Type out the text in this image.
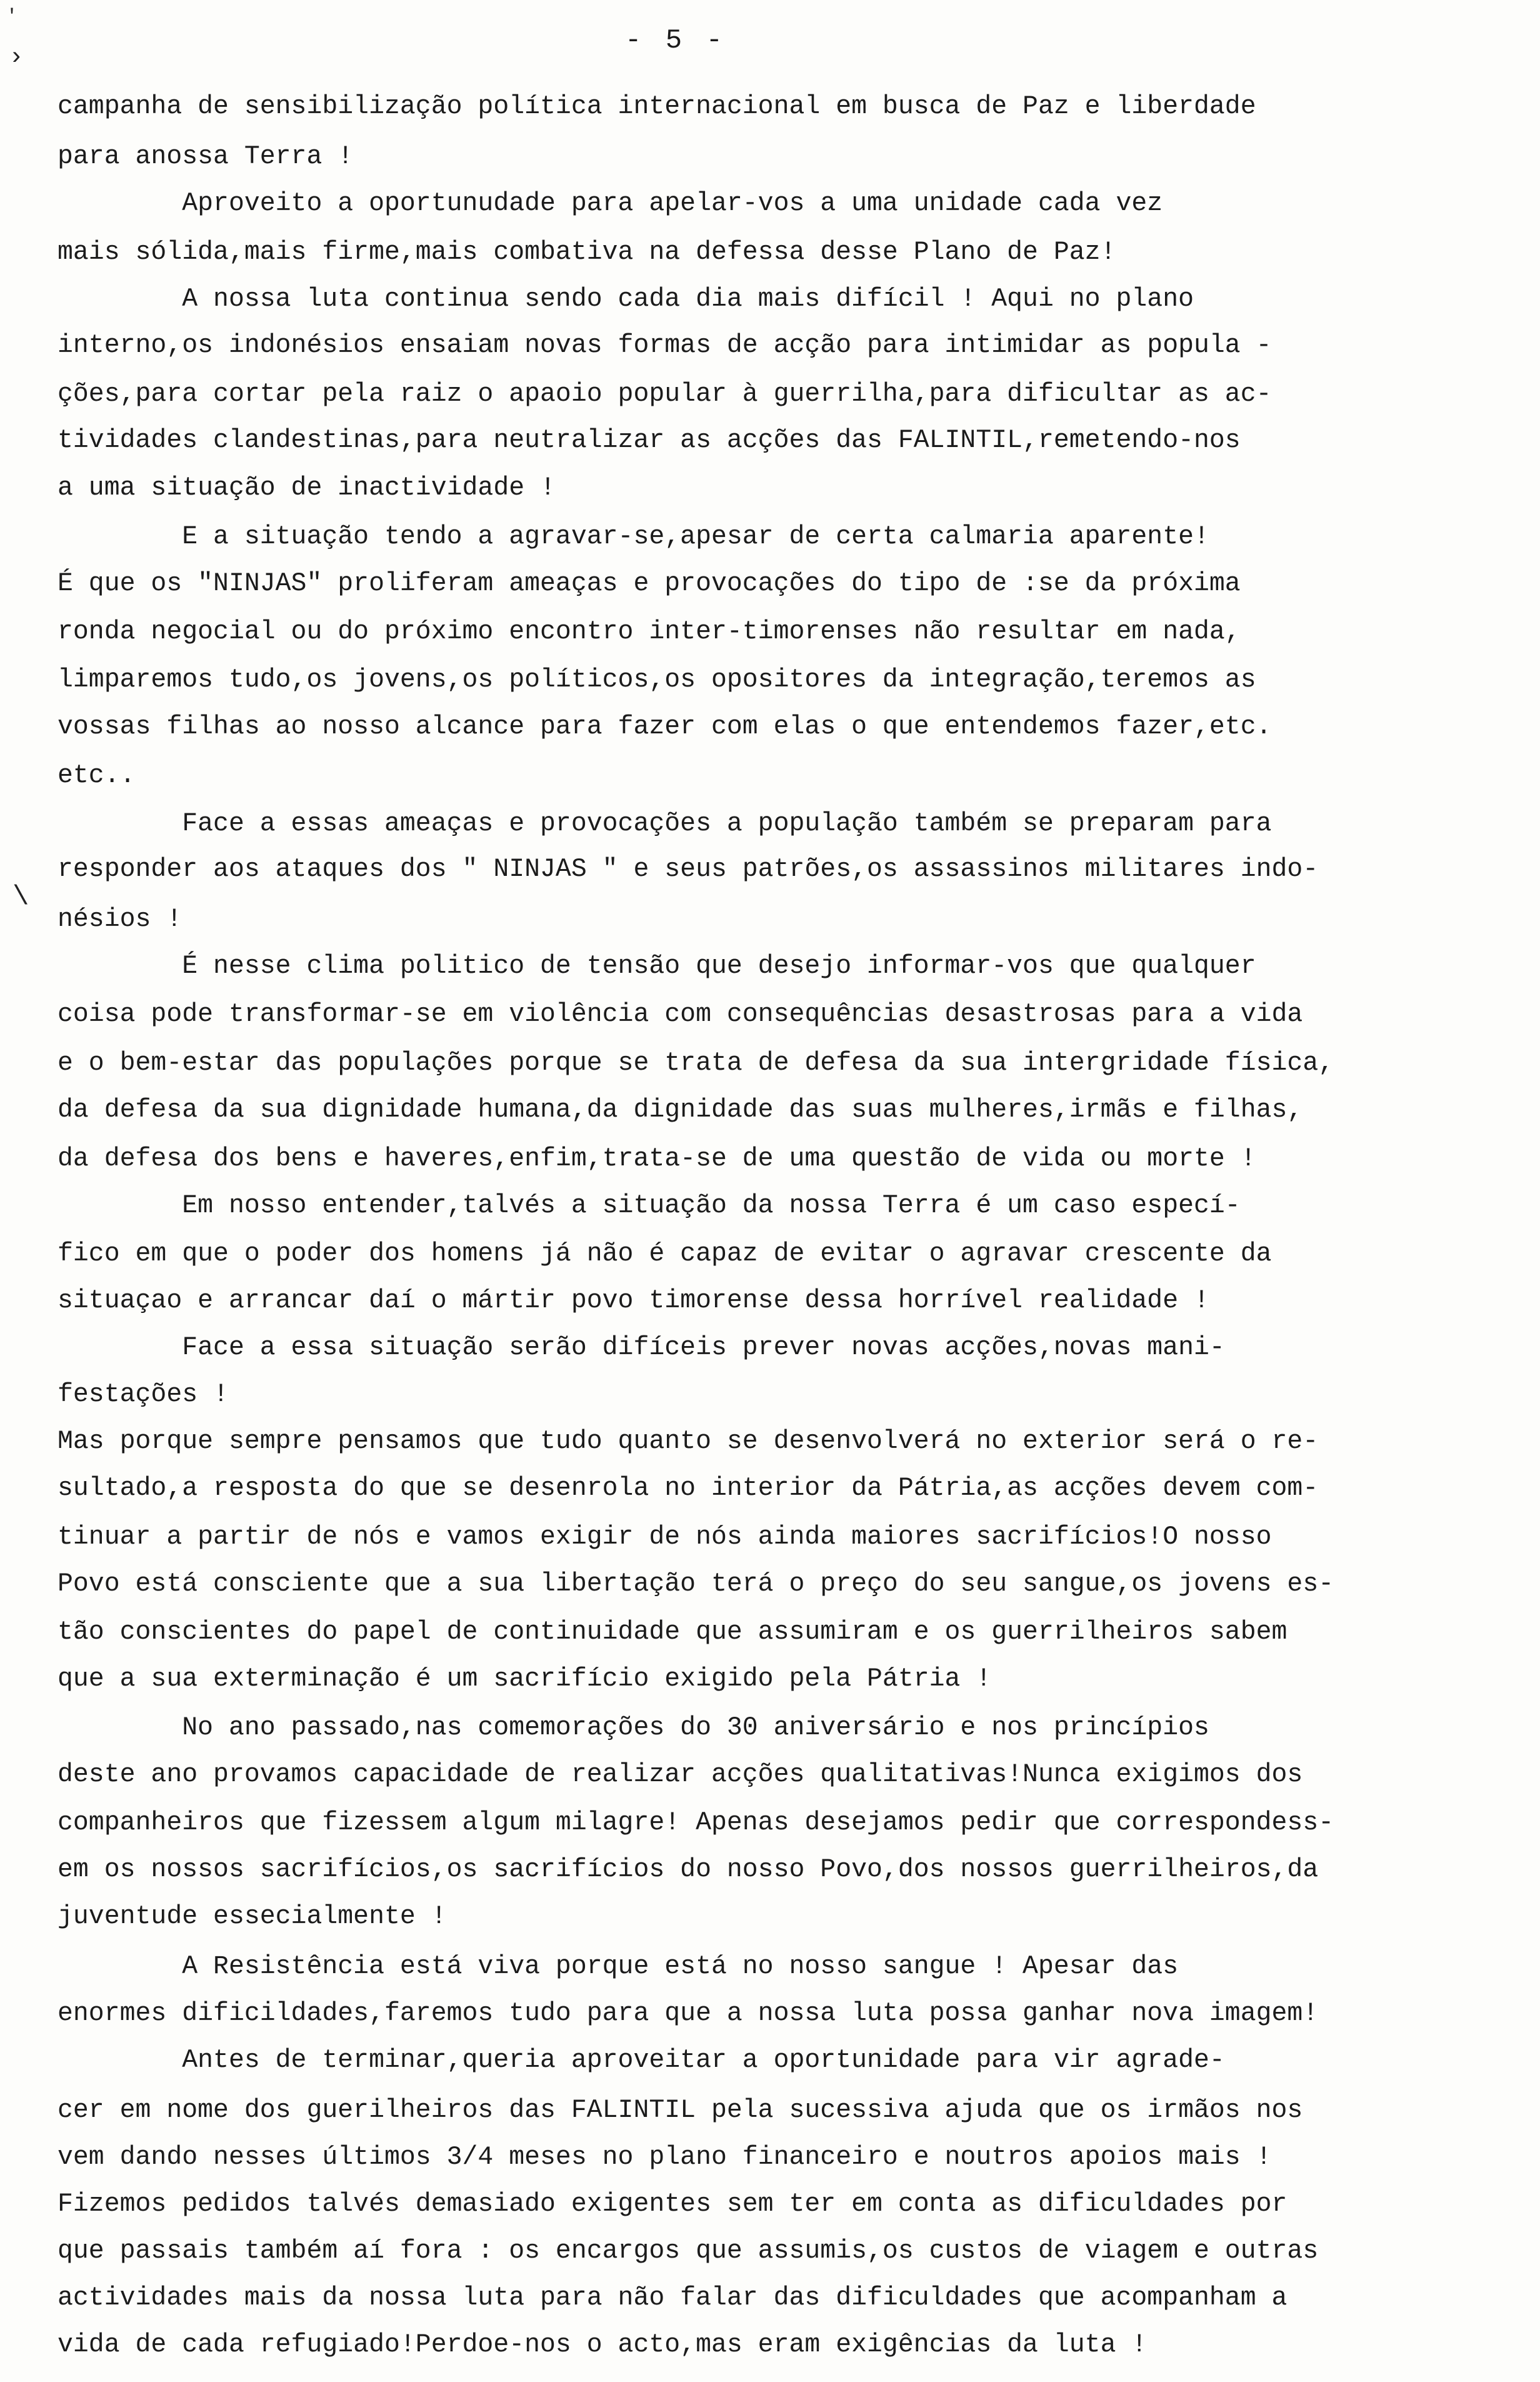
- 5 -
'
›
\
campanha de sensibilização política internacional em busca de Paz e liberdade
para anossa Terra !
Aproveito a oportunudade para apelar-vos a uma unidade cada vez
mais sólida,mais firme,mais combativa na defessa desse Plano de Paz!
A nossa luta continua sendo cada dia mais difícil ! Aqui no plano
interno,os indonésios ensaiam novas formas de acção para intimidar as popula -
ções,para cortar pela raiz o apaoio popular à guerrilha,para dificultar as ac-
tividades clandestinas,para neutralizar as acções das FALINTIL,remetendo-nos
a uma situação de inactividade !
E a situação tendo a agravar-se,apesar de certa calmaria aparente!
É que os "NINJAS" proliferam ameaças e provocações do tipo de :se da próxima
ronda negocial ou do próximo encontro inter-timorenses não resultar em nada,
limparemos tudo,os jovens,os políticos,os opositores da integração,teremos as
vossas filhas ao nosso alcance para fazer com elas o que entendemos fazer,etc.
etc..
Face a essas ameaças e provocações a população também se preparam para
responder aos ataques dos " NINJAS " e seus patrões,os assassinos militares indo-
nésios !
É nesse clima politico de tensão que desejo informar-vos que qualquer
coisa pode transformar-se em violência com consequências desastrosas para a vida
e o bem-estar das populações porque se trata de defesa da sua intergridade física,
da defesa da sua dignidade humana,da dignidade das suas mulheres,irmãs e filhas,
da defesa dos bens e haveres,enfim,trata-se de uma questão de vida ou morte !
Em nosso entender,talvés a situação da nossa Terra é um caso especí-
fico em que o poder dos homens já não é capaz de evitar o agravar crescente da
situaçao e arrancar daí o mártir povo timorense dessa horrível realidade !
Face a essa situação serão difíceis prever novas acções,novas mani-
festações !
Mas porque sempre pensamos que tudo quanto se desenvolverá no exterior será o re-
sultado,a resposta do que se desenrola no interior da Pátria,as acções devem com-
tinuar a partir de nós e vamos exigir de nós ainda maiores sacrifícios!O nosso
Povo está consciente que a sua libertação terá o preço do seu sangue,os jovens es-
tão conscientes do papel de continuidade que assumiram e os guerrilheiros sabem
que a sua exterminação é um sacrifício exigido pela Pátria !
No ano passado,nas comemorações do 30 aniversário e nos princípios
deste ano provamos capacidade de realizar acções qualitativas!Nunca exigimos dos
companheiros que fizessem algum milagre! Apenas desejamos pedir que correspondess-
em os nossos sacrifícios,os sacrifícios do nosso Povo,dos nossos guerrilheiros,da
juventude essecialmente !
A Resistência está viva porque está no nosso sangue ! Apesar das
enormes dificildades,faremos tudo para que a nossa luta possa ganhar nova imagem!
Antes de terminar,queria aproveitar a oportunidade para vir agrade-
cer em nome dos guerilheiros das FALINTIL pela sucessiva ajuda que os irmãos nos
vem dando nesses últimos 3/4 meses no plano financeiro e noutros apoios mais !
Fizemos pedidos talvés demasiado exigentes sem ter em conta as dificuldades por
que passais também aí fora : os encargos que assumis,os custos de viagem e outras
actividades mais da nossa luta para não falar das dificuldades que acompanham a
vida de cada refugiado!Perdoe-nos o acto,mas eram exigências da luta !
